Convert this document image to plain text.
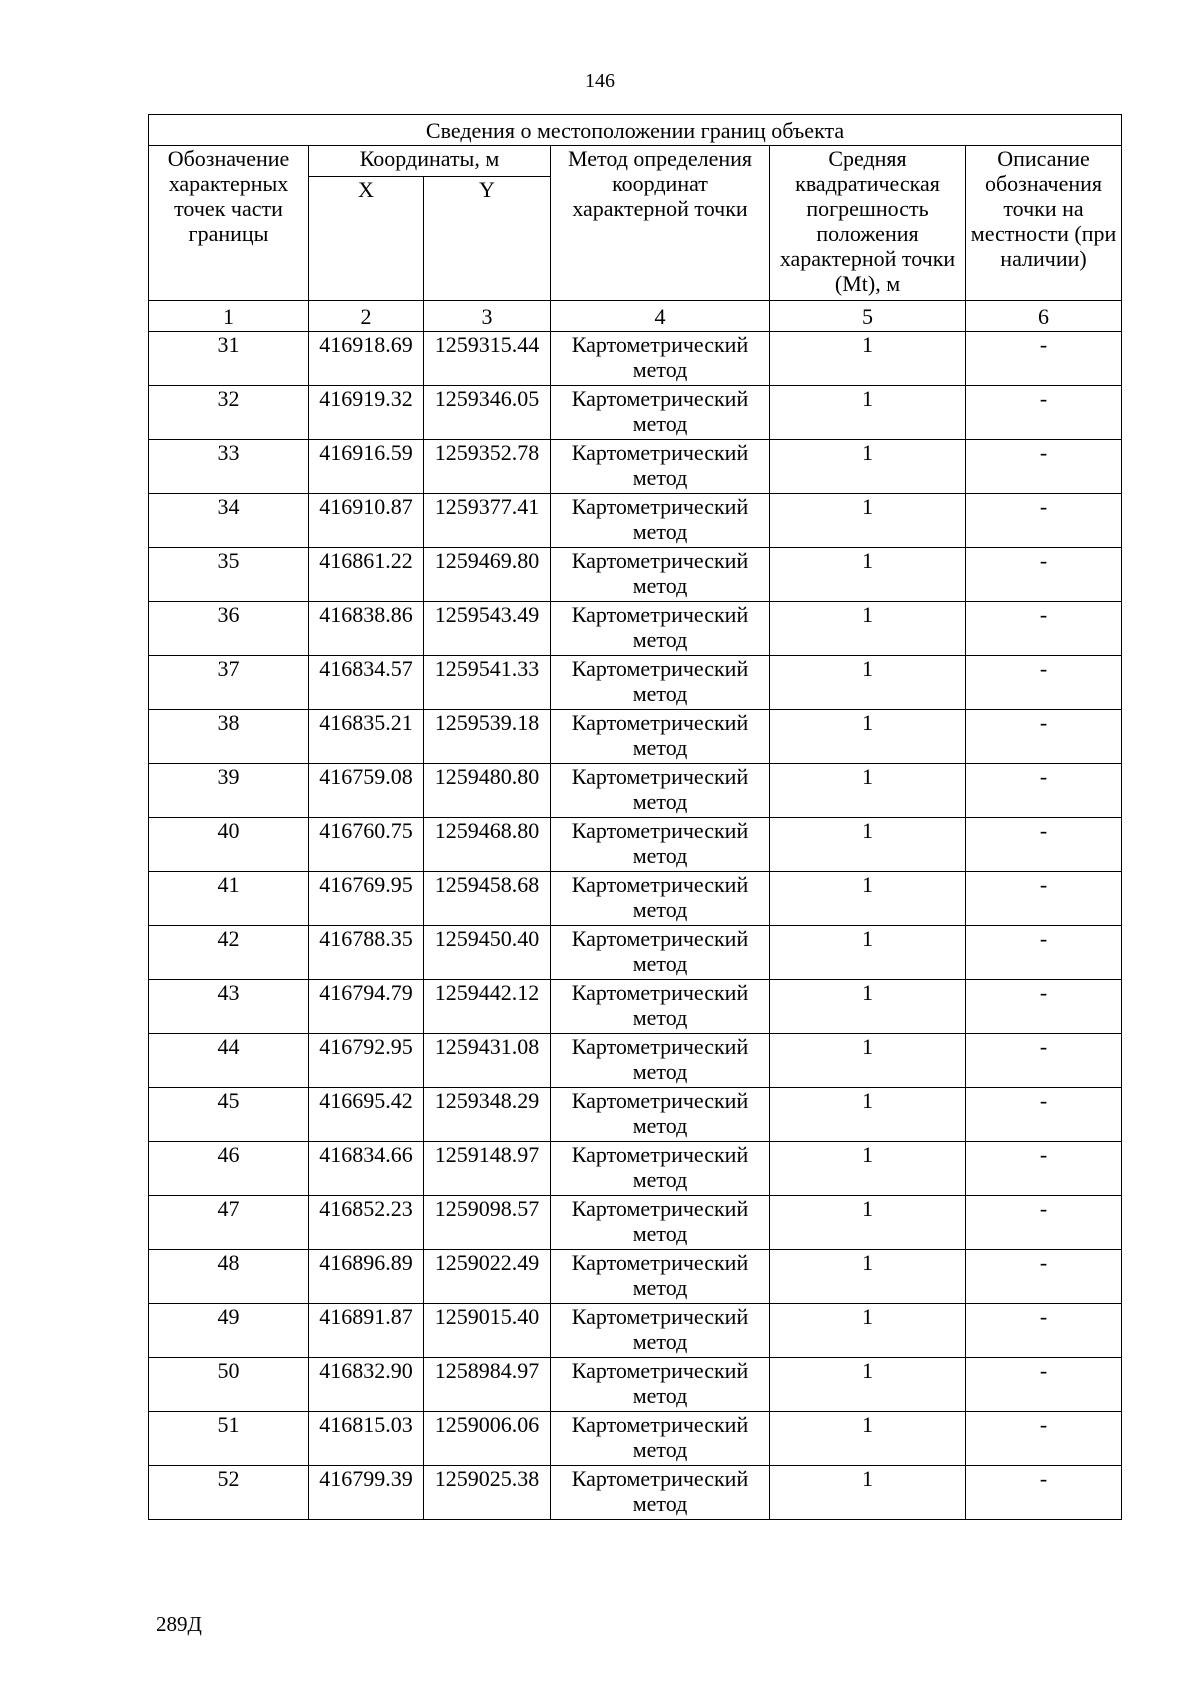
146
Сведения о местоположении границ объекта					
Обозначение характерных точек части границы	Координаты, м		Метод определения координат характерной точки	Средняя квадратическая погрешность положения характерной точки (Mt), м	Описание обозначения точки на местности (при наличии)
	X	Y			
1	2	3	4	5	6
31	416918.69	1259315.44	Картометрический метод	1	-
32	416919.32	1259346.05	Картометрический метод	1	-
33	416916.59	1259352.78	Картометрический метод	1	-
34	416910.87	1259377.41	Картометрический метод	1	-
35	416861.22	1259469.80	Картометрический метод	1	-
36	416838.86	1259543.49	Картометрический метод	1	-
37	416834.57	1259541.33	Картометрический метод	1	-
38	416835.21	1259539.18	Картометрический метод	1	-
39	416759.08	1259480.80	Картометрический метод	1	-
40	416760.75	1259468.80	Картометрический метод	1	-
41	416769.95	1259458.68	Картометрический метод	1	-
42	416788.35	1259450.40	Картометрический метод	1	-
43	416794.79	1259442.12	Картометрический метод	1	-
44	416792.95	1259431.08	Картометрический метод	1	-
45	416695.42	1259348.29	Картометрический метод	1	-
46	416834.66	1259148.97	Картометрический метод	1	-
47	416852.23	1259098.57	Картометрический метод	1	-
48	416896.89	1259022.49	Картометрический метод	1	-
49	416891.87	1259015.40	Картометрический метод	1	-
50	416832.90	1258984.97	Картометрический метод	1	-
51	416815.03	1259006.06	Картометрический метод	1	-
52	416799.39	1259025.38	Картометрический метод	1	-
289Д
